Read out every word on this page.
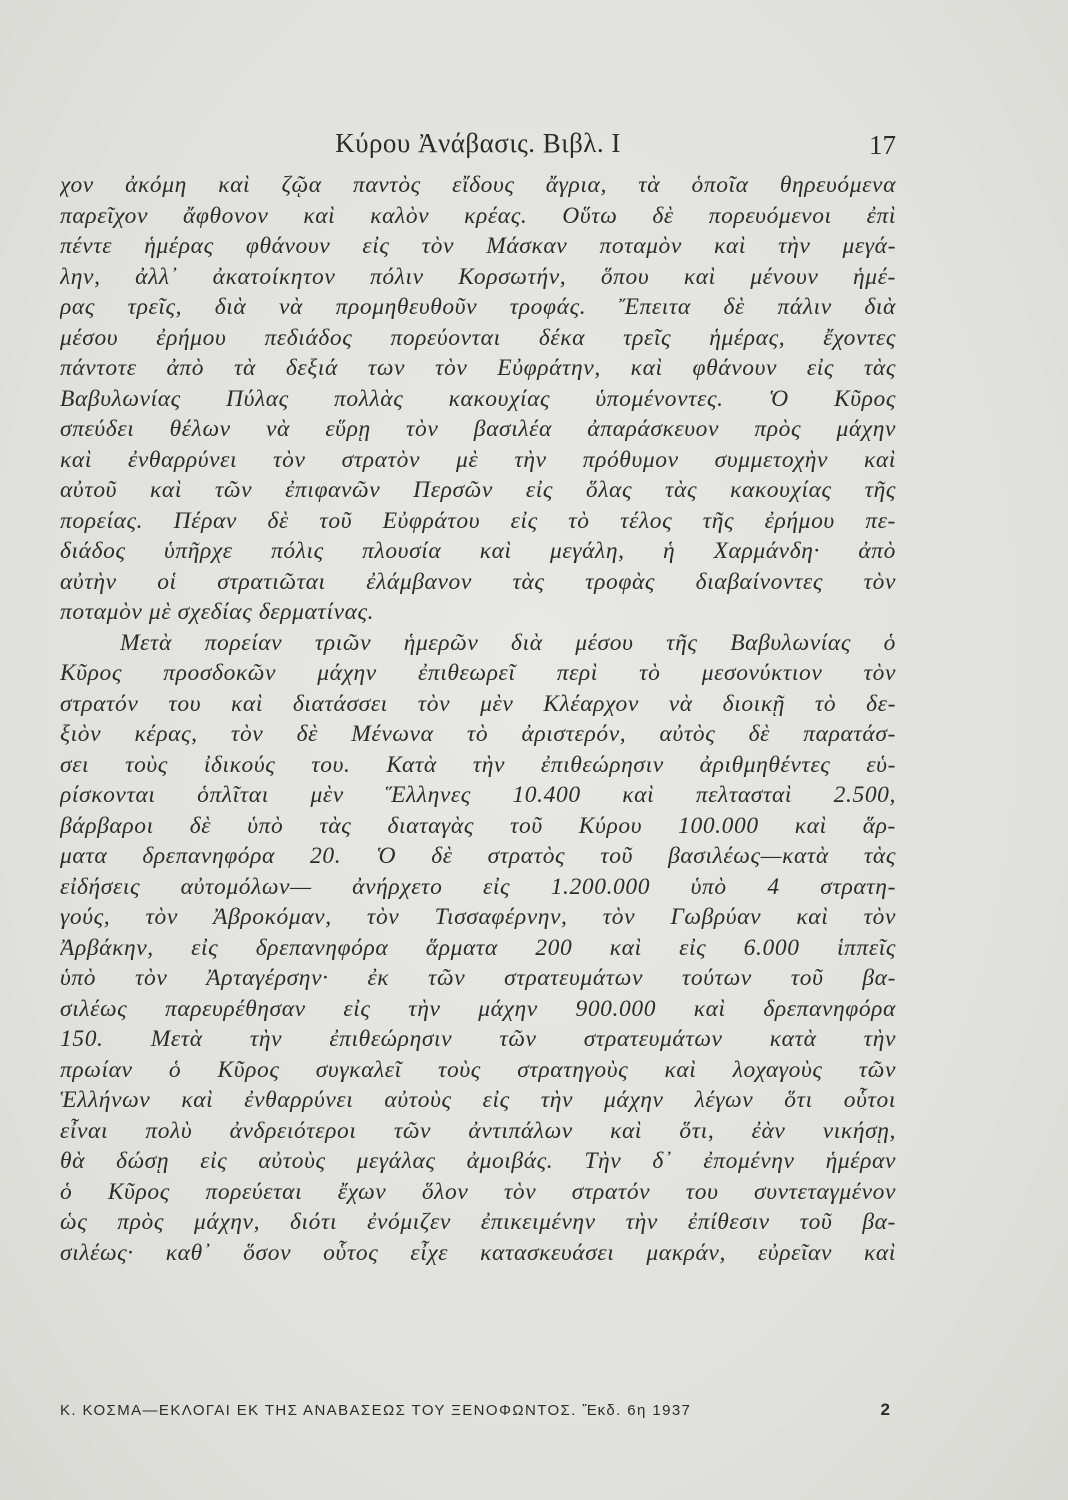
Κύρου Ἀνάβασις. Βιβλ. Ι	17
χον ἀκόμη καὶ ζῷα παντὸς εἴδους ἄγρια, τὰ ὁποῖα θηρευόμενα
παρεῖχον ἄφθονον καὶ καλὸν κρέας. Οὕτω δὲ πορευόμενοι ἐπὶ
πέντε ἡμέρας φθάνουν εἰς τὸν Μάσκαν ποταμὸν καὶ τὴν μεγά-
λην, ἀλλ᾿ ἀκατοίκητον πόλιν Κορσωτήν, ὅπου καὶ μένουν ἡμέ-
ρας τρεῖς, διὰ νὰ προμηθευθοῦν τροφάς. Ἔπειτα δὲ πάλιν διὰ
μέσου ἐρήμου πεδιάδος πορεύονται δέκα τρεῖς ἡμέρας, ἔχοντες
πάντοτε ἀπὸ τὰ δεξιά των τὸν Εὐφράτην, καὶ φθάνουν εἰς τὰς
Βαβυλωνίας Πύλας πολλὰς κακουχίας ὑπομένοντες. Ὁ Κῦρος
σπεύδει θέλων νὰ εὕρῃ τὸν βασιλέα ἀπαράσκευον πρὸς μάχην
καὶ ἐνθαρρύνει τὸν στρατὸν μὲ τὴν πρόθυμον συμμετοχὴν καὶ
αὐτοῦ καὶ τῶν ἐπιφανῶν Περσῶν εἰς ὅλας τὰς κακουχίας τῆς
πορείας. Πέραν δὲ τοῦ Εὐφράτου εἰς τὸ τέλος τῆς ἐρήμου πε-
διάδος ὑπῆρχε πόλις πλουσία καὶ μεγάλη, ἡ Χαρμάνδη· ἀπὸ
αὐτὴν οἱ στρατιῶται ἐλάμβανον τὰς τροφὰς διαβαίνοντες τὸν
ποταμὸν μὲ σχεδίας δερματίνας.
Μετὰ πορείαν τριῶν ἡμερῶν διὰ μέσου τῆς Βαβυλωνίας ὁ
Κῦρος προσδοκῶν μάχην ἐπιθεωρεῖ περὶ τὸ μεσονύκτιον τὸν
στρατόν του καὶ διατάσσει τὸν μὲν Κλέαρχον νὰ διοικῇ τὸ δε-
ξιὸν κέρας, τὸν δὲ Μένωνα τὸ ἀριστερόν, αὐτὸς δὲ παρατάσ-
σει τοὺς ἰδικούς του. Κατὰ τὴν ἐπιθεώρησιν ἀριθμηθέντες εὑ-
ρίσκονται ὁπλῖται μὲν Ἕλληνες 10.400 καὶ πελτασταὶ 2.500,
βάρβαροι δὲ ὑπὸ τὰς διαταγὰς τοῦ Κύρου 100.000 καὶ ἅρ-
ματα δρεπανηφόρα 20. Ὁ δὲ στρατὸς τοῦ βασιλέως—κατὰ τὰς
εἰδήσεις αὐτομόλων— ἀνήρχετο εἰς 1.200.000 ὑπὸ 4 στρατη-
γούς, τὸν Ἀβροκόμαν, τὸν Τισσαφέρνην, τὸν Γωβρύαν καὶ τὸν
Ἀρβάκην, εἰς δρεπανηφόρα ἅρματα 200 καὶ εἰς 6.000 ἱππεῖς
ὑπὸ τὸν Ἀρταγέρσην· ἐκ τῶν στρατευμάτων τούτων τοῦ βα-
σιλέως παρευρέθησαν εἰς τὴν μάχην 900.000 καὶ δρεπανηφόρα
150. Μετὰ τὴν ἐπιθεώρησιν τῶν στρατευμάτων κατὰ τὴν
πρωίαν ὁ Κῦρος συγκαλεῖ τοὺς στρατηγοὺς καὶ λοχαγοὺς τῶν
Ἑλλήνων καὶ ἐνθαρρύνει αὐτοὺς εἰς τὴν μάχην λέγων ὅτι οὗτοι
εἶναι πολὺ ἀνδρειότεροι τῶν ἀντιπάλων καὶ ὅτι, ἐὰν νικήσῃ,
θὰ δώσῃ εἰς αὐτοὺς μεγάλας ἀμοιβάς. Τὴν δ᾿ ἐπομένην ἡμέραν
ὁ Κῦρος πορεύεται ἔχων ὅλον τὸν στρατόν του συντεταγμένον
ὡς πρὸς μάχην, διότι ἐνόμιζεν ἐπικειμένην τὴν ἐπίθεσιν τοῦ βα-
σιλέως· καθ᾿ ὅσον οὗτος εἶχε κατασκευάσει μακράν, εὐρεῖαν καὶ
Κ. ΚΟΣΜΑ—ΕΚΛΟΓΑΙ ΕΚ ΤΗΣ ΑΝΑΒΑΣΕΩΣ ΤΟΥ ΞΕΝΟΦΩΝΤΟΣ. Ἔκδ. 6η 1937	2
